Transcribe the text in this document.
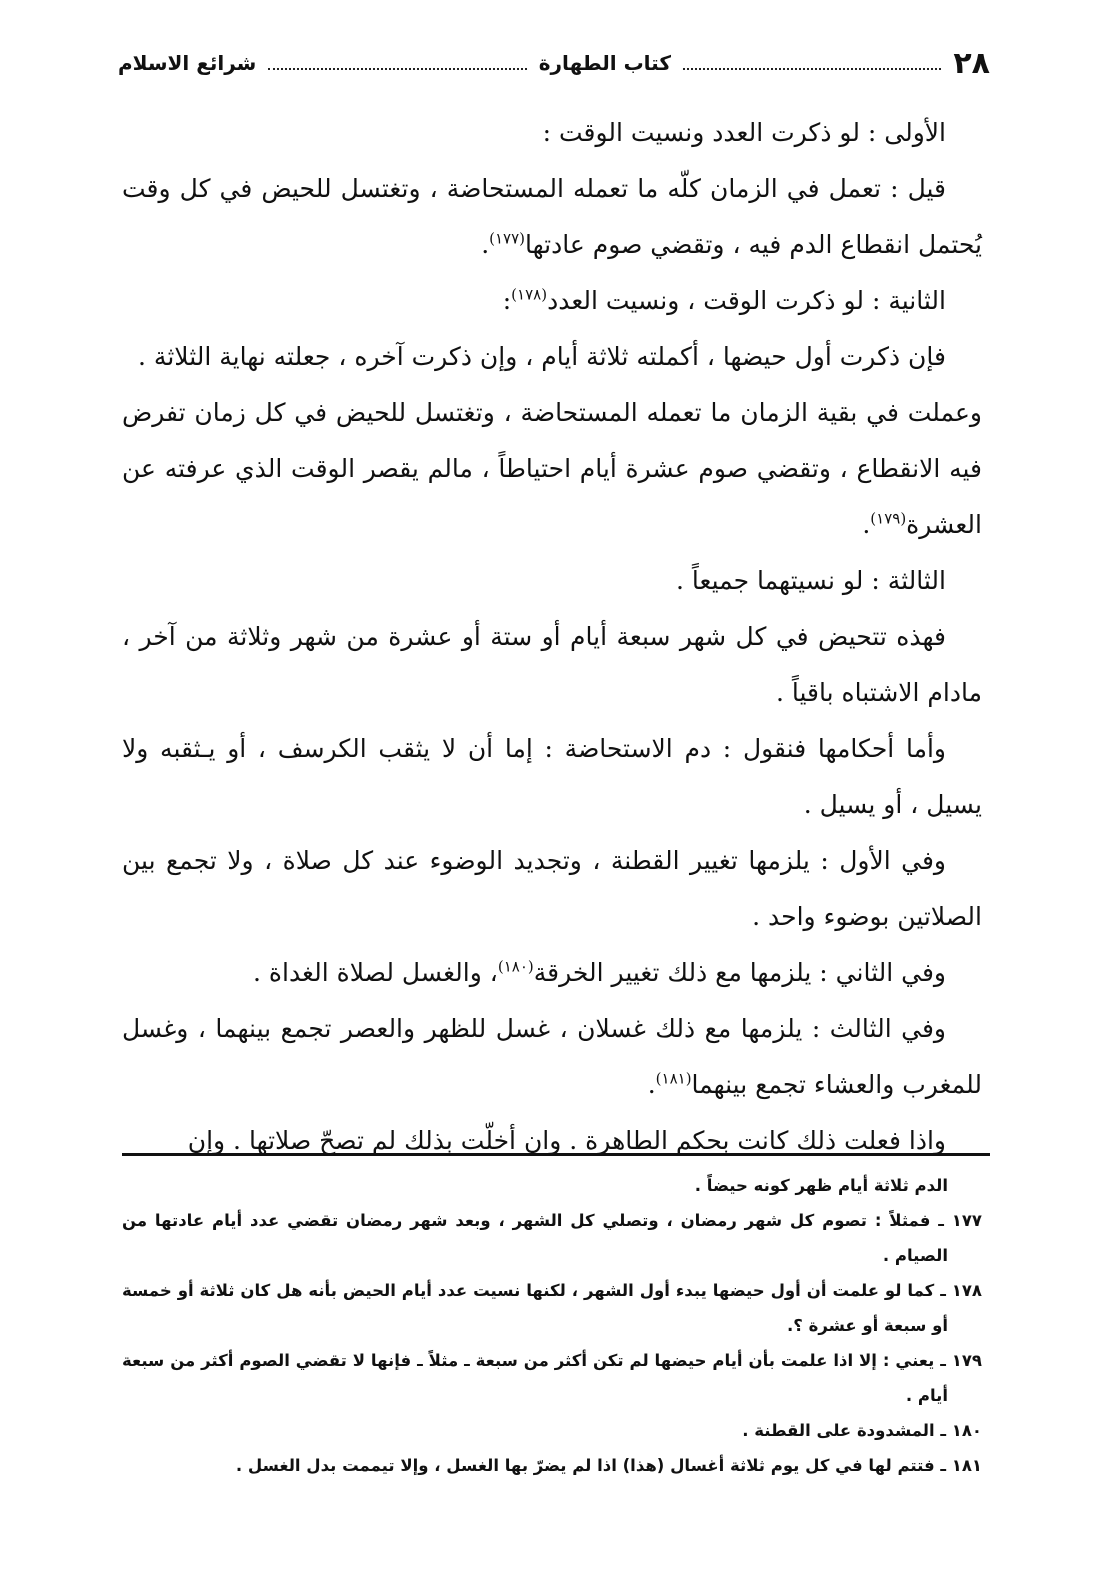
٢٨
كتاب الطهارة
شرائع الاسلام

الأولى : لو ذكرت العدد ونسيت الوقت :

قيل : تعمل في الزمان كلّه ما تعمله المستحاضة ، وتغتسل للحيض في كل وقت يُحتمل انقطاع الدم فيه ، وتقضي صوم عادتها$^{(١٧٧)}$.

الثانية : لو ذكرت الوقت ، ونسيت العدد$^{(١٧٨)}$:

فإن ذكرت أول حيضها ، أكملته ثلاثة أيام ، وإن ذكرت آخره ، جعلته نهاية الثلاثة .

وعملت في بقية الزمان ما تعمله المستحاضة ، وتغتسل للحيض في كل زمان تفرض فيه الانقطاع ، وتقضي صوم عشرة أيام احتياطاً ، مالم يقصر الوقت الذي عرفته عن العشرة$^{(١٧٩)}$.

الثالثة : لو نسيتهما جميعاً .

فهذه تتحيض في كل شهر سبعة أيام أو ستة أو عشرة من شهر وثلاثة من آخر ، مادام الاشتباه باقياً .

وأما أحكامها فنقول : دم الاستحاضة : إما أن لا يثقب الكرسف ، أو يـثقبه ولا يسيل ، أو يسيل .

وفي الأول : يلزمها تغيير القطنة ، وتجديد الوضوء عند كل صلاة ، ولا تجمع بين الصلاتين بوضوء واحد .

وفي الثاني : يلزمها مع ذلك تغيير الخرقة$^{(١٨٠)}$، والغسل لصلاة الغداة .

وفي الثالث : يلزمها مع ذلك غسلان ، غسل للظهر والعصر تجمع بينهما ، وغسل للمغرب والعشاء تجمع بينهما$^{(١٨١)}$.

واذا فعلت ذلك كانت بحكم الطاهرة . وان أخلّت بذلك لم تصحّ صلاتها . وإن

الدم ثلاثة أيام ظهر كونه حيضاً .

١٧٧ ـ فمثلاً : تصوم كل شهر رمضان ، وتصلي كل الشهر ، وبعد شهر رمضان تقضي عدد أيام عادتها من الصيام .

١٧٨ ـ كما لو علمت أن أول حيضها يبدء أول الشهر ، لكنها نسيت عدد أيام الحيض بأنه هل كان ثلاثة أو خمسة أو سبعة أو عشرة ؟.

١٧٩ ـ يعني : إلا اذا علمت بأن أيام حيضها لم تكن أكثر من سبعة ـ مثلاً ـ فإنها لا تقضي الصوم أكثر من سبعة أيام .

١٨٠ ـ المشدودة على القطنة .

١٨١ ـ فتتم لها في كل يوم ثلاثة أغسال (هذا) اذا لم يضرّ بها الغسل ، وإلا تيممت بدل الغسل .
